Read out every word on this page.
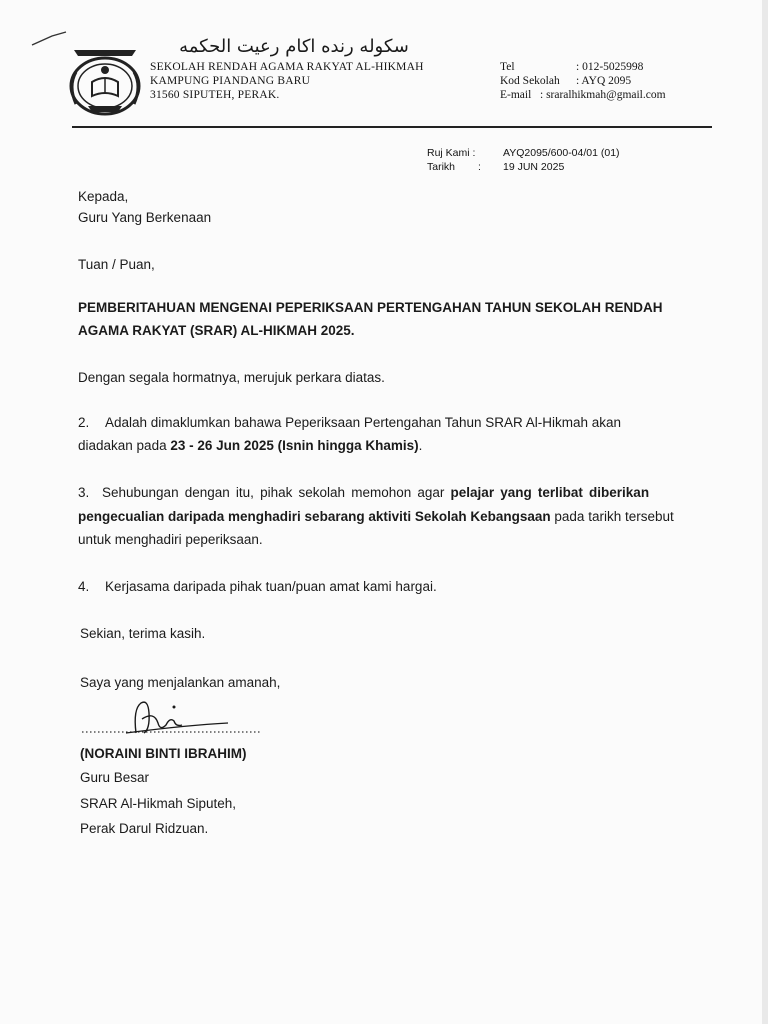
سكوله رنده اكام رعيت الحكمه
SEKOLAH RENDAH AGAMA RAKYAT AL-HIKMAH
KAMPUNG PIANDANG BARU
31560 SIPUTEH, PERAK.
Tel	: 012-5025998
Kod Sekolah : AYQ 2095
E-mail : sraralhikmah@gmail.com
Ruj Kami :	AYQ2095/600-04/01 (01)
Tarikh : 19 JUN 2025
Kepada,
Guru Yang Berkenaan
Tuan / Puan,
PEMBERITAHUAN MENGENAI PEPERIKSAAN PERTENGAHAN TAHUN SEKOLAH RENDAH
AGAMA RAKYAT (SRAR) AL-HIKMAH 2025.
Dengan segala hormatnya, merujuk perkara diatas.
2. Adalah dimaklumkan bahawa Peperiksaan Pertengahan Tahun SRAR Al-Hikmah akan
diadakan pada 23 - 26 Jun 2025 (Isnin hingga Khamis).
3. Sehubungan dengan itu, pihak sekolah memohon agar pelajar yang terlibat diberikan
pengecualian daripada menghadiri sebarang aktiviti Sekolah Kebangsaan pada tarikh tersebut
untuk menghadiri peperiksaan.
4. Kerjasama daripada pihak tuan/puan amat kami hargai.
Sekian, terima kasih.
Saya yang menjalankan amanah,
(NORAINI BINTI IBRAHIM)
Guru Besar
SRAR Al-Hikmah Siputeh,
Perak Darul Ridzuan.
